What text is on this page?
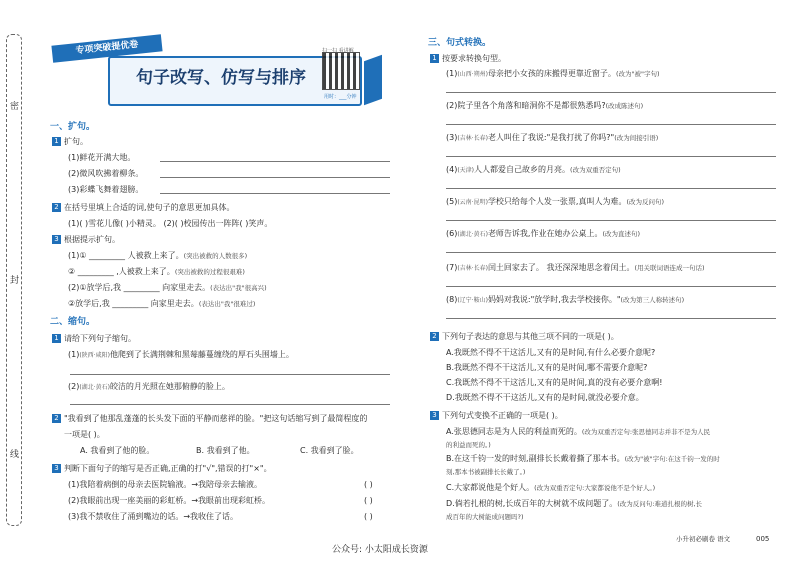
密
封
线
专项突破提优卷
句子改写、仿写与排序
扫一扫 看讲解
用时：___分钟
一、扩句。
1 扩句。
(1)鲜花开满大地。
(2)微风吹拂着柳条。
(3)彩蝶飞舞着翅膀。
2 在括号里填上合适的词,使句子的意思更加具体。
(1)( )雪花儿像( )小精灵。 (2)( )校园传出一阵阵( )笑声。
3 根据提示扩句。
(1)① _________ 人被救上来了。(突出被救的人数很多)
② _________ ,人被救上来了。(突出被救的过程很艰难)
(2)①放学后,我 _________ 向家里走去。(表达出"我"很高兴)
②放学后,我 _________ 向家里走去。(表达出"我"很难过)
二、缩句。
1 请给下列句子缩句。
(1)(陕西·咸阳)他爬到了长满荆棘和黑莓藤蔓缠绕的厚石头围墙上。
(2)(湖北·黄石)皎洁的月光照在她那俯静的脸上。
2 "我看到了他那乱蓬蓬的长头发下面的平静而慈祥的脸。"把这句话缩写到了最简程度的
一项是( )。
A. 我看到了他的脸。	B. 我看到了他。	C. 我看到了脸。
3 判断下面句子的缩写是否正确,正确的打"√",错误的打"×"。
(1)我陪着病倒的母亲去医院输液。→我陪母亲去输液。	( )
(2)我眼前出现一座美丽的彩虹桥。→我眼前出现彩虹桥。	( )
(3)我不禁收住了涌到嘴边的话。→我收住了话。	( )
三、句式转换。
1 按要求转换句型。
(1)(山西·朔州)母亲把小女孩的床搬得更靠近窗子。(改为"被"字句)
(2)院子里各个角落和暗洞你不是都很熟悉吗?(改成陈述句)
(3)(吉林·长春)老人叫住了我说:"是我打扰了你吗?"(改为间接引语)
(4)(天津)人人都爱自己故乡的月亮。(改为双重否定句)
(5)(云南·昆明)学校只给每个人发一张票,真叫人为难。(改为反问句)
(6)(湖北·黄石)老师告诉我,作业在她办公桌上。(改为直述句)
(7)(吉林·长春)闰土回家去了。 我还深深地思念着闰土。(用关联词语连成一句话)
(8)(辽宁·鞍山)妈妈对我说:"放学时,我去学校接你。"(改为第三人称转述句)
2 下列句子表达的意思与其他三项不同的一项是( )。
A.我既然不得不干这活儿,又有的是时间,有什么必要介意呢?
B.我既然不得不干这活儿,又有的是时间,哪不需要介意呢?
C.我既然不得不干这活儿,又有的是时间,真的没有必要介意啊!
D.我既然不得不干这活儿,又有的是时间,就没必要介意。
3 下列句式变换不正确的一项是( )。
A.张思德同志是为人民的利益而死的。(改为双重否定句:张思德同志并非不是为人民
的利益而死的。)
B.在这千钧一发的时刻,副排长长戴着撕了那本书。(改为"被"字句:在这千钧一发的时
刻,那本书被副排长长戴了。)
C.大家都说他是个好人。(改为双重否定句:大家都说他不是个好人。)
D.倘若扎根的树,长成百年的大树就不成问题了。(改为反问句:难道扎根的树,长
成百年的大树能成问题吗?)
小升初必刷卷 语文	005
公众号: 小太阳成长资源
